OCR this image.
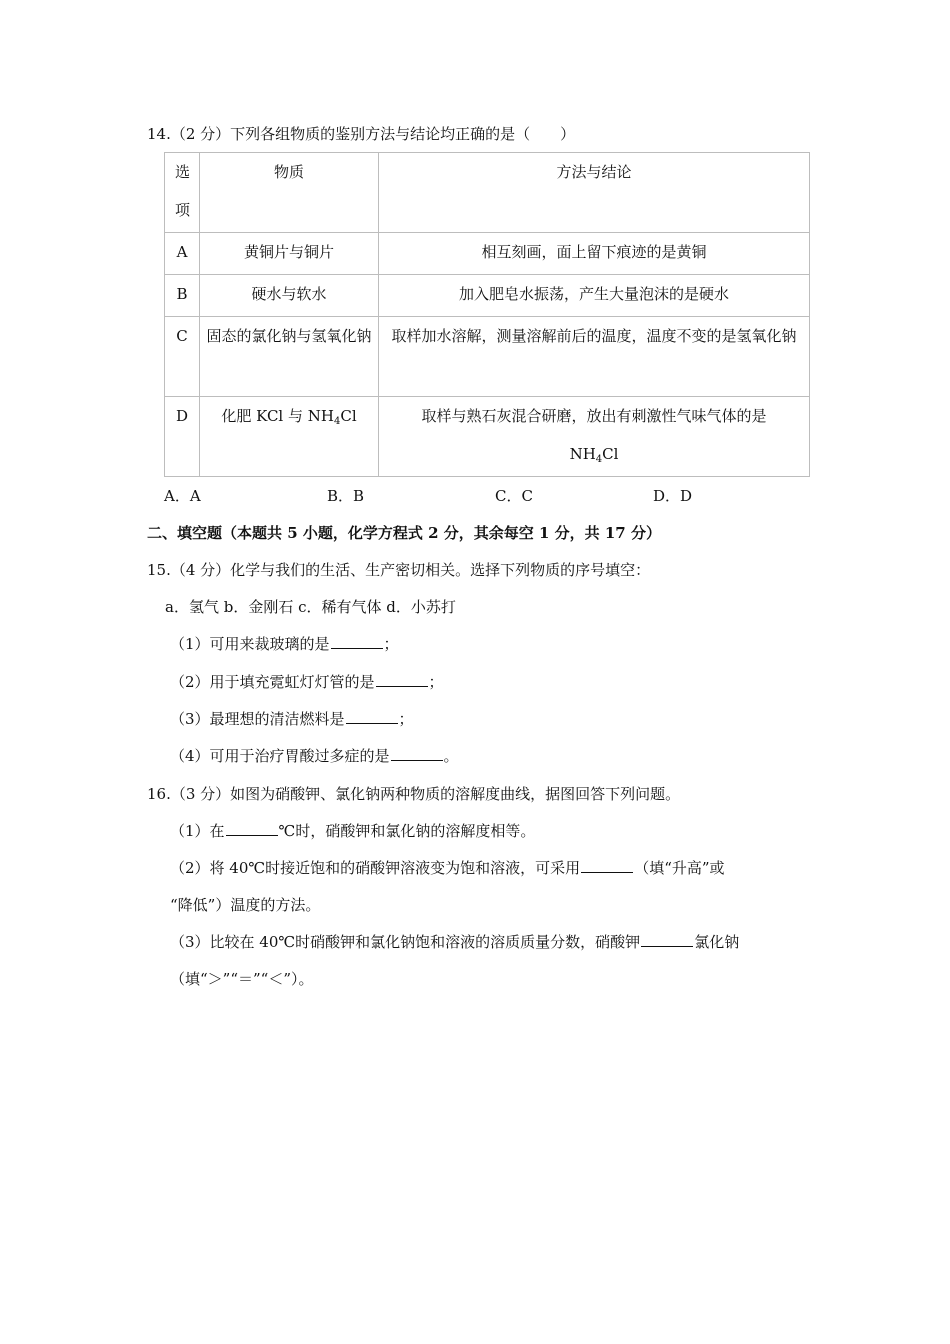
14.（2 分）下列各组物质的鉴别方法与结论均正确的是（　　）
选项	物质	方法与结论

A	黄铜片与铜片	相互刻画，面上留下痕迹的是黄铜

B	硬水与软水	加入肥皂水振荡，产生大量泡沫的是硬水

C	固态的氯化钠与氢氧化钠	取样加水溶解，测量溶解前后的温度，温度不变的是氢氧化钠

D	化肥 KCl 与 $NH_4Cl$	取样与熟石灰混合研磨，放出有刺激性气味气体的是
$NH_4Cl$
A．A	B．B	C．C	D．D
二、填空题（本题共 5 小题，化学方程式 2 分，其余每空 1 分，共 17 分）
15.（4 分）化学与我们的生活、生产密切相关。选择下列物质的序号填空：
a．氢气 b．金刚石 c．稀有气体 d．小苏打
（1）可用来裁玻璃的是	；
（2）用于填充霓虹灯灯管的是	；
（3）最理想的清洁燃料是	；
（4）可用于治疗胃酸过多症的是	。
16.（3 分）如图为硝酸钾、氯化钠两种物质的溶解度曲线，据图回答下列问题。
（1）在	℃时，硝酸钾和氯化钠的溶解度相等。
（2）将 40℃时接近饱和的硝酸钾溶液变为饱和溶液，可采用	（填“升高”或
“降低”）温度的方法。
（3）比较在 40℃时硝酸钾和氯化钠饱和溶液的溶质质量分数，硝酸钾	氯化钠
（填“＞”“＝”“＜”）。
